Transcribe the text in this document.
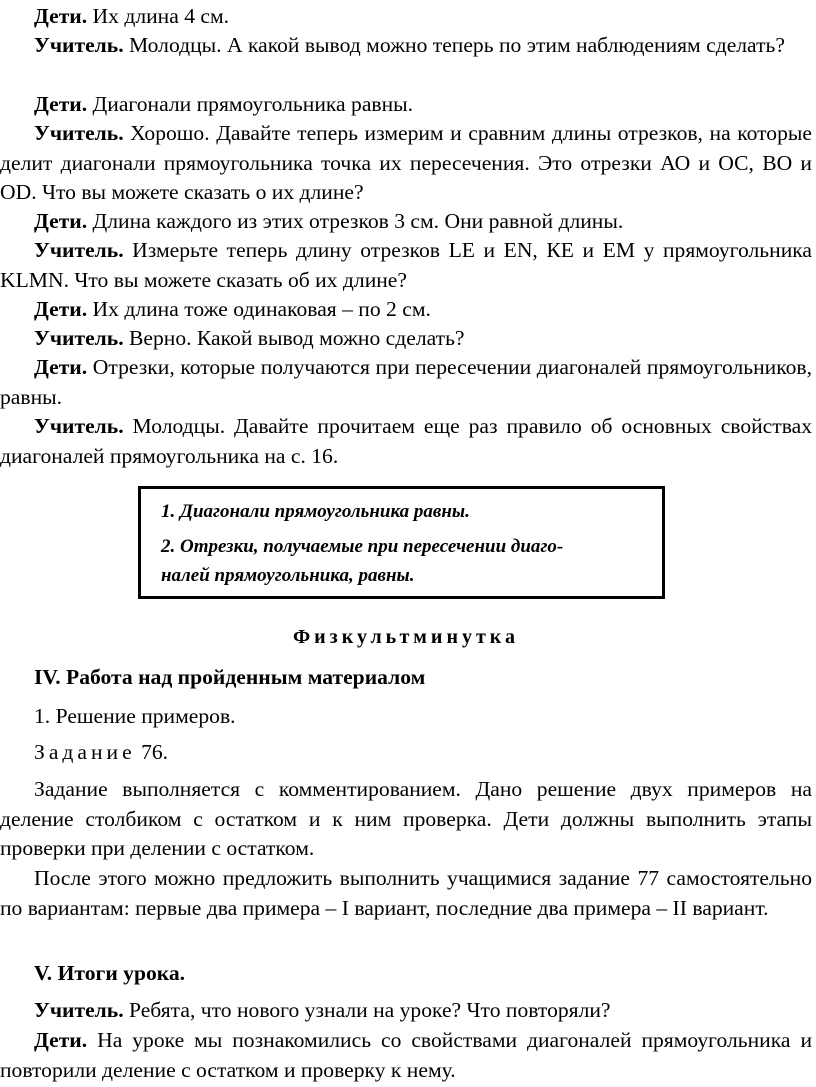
Дети. Их длина 4 см.

Учитель. Молодцы. А какой вывод можно теперь по этим наблюдениям сделать?

Дети. Диагонали прямоугольника равны.

Учитель. Хорошо. Давайте теперь измерим и сравним длины отрезков, на которые делит диагонали прямоугольника точка их пересечения. Это отрезки АО и ОС, ВО и OD. Что вы можете сказать о их длине?

Дети. Длина каждого из этих отрезков 3 см. Они равной длины.

Учитель. Измерьте теперь длину отрезков LE и EN, КЕ и ЕМ у прямоугольника KLMN. Что вы можете сказать об их длине?

Дети. Их длина тоже одинаковая – по 2 см.

Учитель. Верно. Какой вывод можно сделать?

Дети. Отрезки, которые получаются при пересечении диагоналей прямоугольников, равны.

Учитель. Молодцы. Давайте прочитаем еще раз правило об основных свойствах диагоналей прямоугольника на с. 16.

1. Диагонали прямоугольника равны.

2. Отрезки, получаемые при пересечении диаго-

налей прямоугольника, равны.

Физкультминутка

IV. Работа над пройденным материалом

1. Решение примеров.

Задание 76.

Задание выполняется с комментированием. Дано решение двух примеров на деление столбиком с остатком и к ним проверка. Дети должны выполнить этапы проверки при делении с остатком.

После этого можно предложить выполнить учащимися задание 77 самостоятельно по вариантам: первые два примера – I вариант, последние два примера – II вариант.

V. Итоги урока.

Учитель. Ребята, что нового узнали на уроке? Что повторяли?

Дети. На уроке мы познакомились со свойствами диагоналей прямоугольника и повторили деление с остатком и проверку к нему.
